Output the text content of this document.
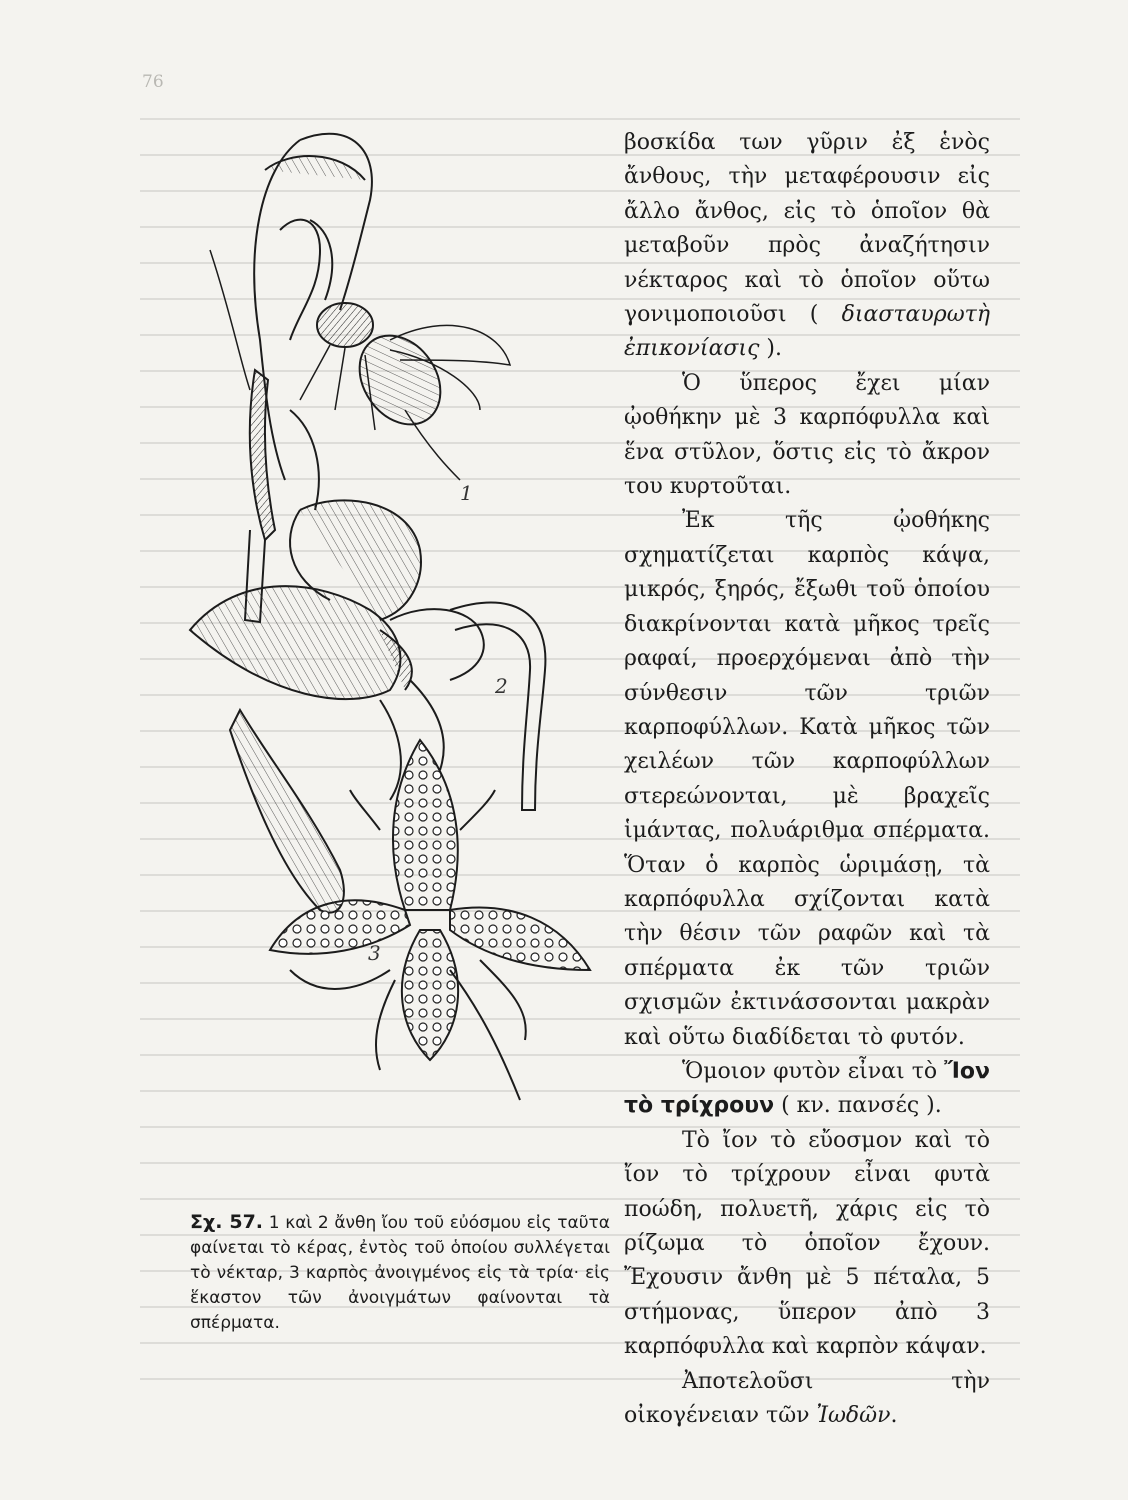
76
1
2
3

βοσκίδα των γῦριν ἐξ ἑνὸς ἄνθους, τὴν μεταφέρουσιν εἰς ἄλλο ἄνθος, εἰς τὸ ὁποῖον θὰ μεταβοῦν πρὸς ἀναζήτησιν νέκταρος καὶ τὸ ὁποῖον οὕτω γονιμοποιοῦσι ( διασταυρωτὴ ἐπικονίασις ).

Ὁ ὕπερος ἔχει μίαν ᾠοθήκην μὲ 3 καρπόφυλλα καὶ ἕνα στῦλον, ὅστις εἰς τὸ ἄκρον του κυρτοῦται.

Ἐκ τῆς ᾠοθήκης σχηματίζεται καρπὸς κάψα, μικρός, ξηρός, ἔξωθι τοῦ ὁποίου διακρίνονται κατὰ μῆκος τρεῖς ραφαί, προερχόμεναι ἀπὸ τὴν σύνθεσιν τῶν τριῶν καρποφύλλων. Κατὰ μῆκος τῶν χειλέων τῶν καρποφύλλων στερεώνονται, μὲ βραχεῖς ἱμάντας, πολυάριθμα σπέρματα. Ὅταν ὁ καρπὸς ὡριμάσῃ, τὰ καρπόφυλλα σχίζονται κατὰ τὴν θέσιν τῶν ραφῶν καὶ τὰ σπέρματα ἐκ τῶν τριῶν σχισμῶν ἐκτινάσσονται μακρὰν καὶ οὕτω διαδίδεται τὸ φυτόν.

Ὅμοιον φυτὸν εἶναι τὸ Ἴον τὸ τρίχρουν ( κν. πανσές ).

Τὸ ἴον τὸ εὔοσμον καὶ τὸ ἴον τὸ τρίχρουν εἶναι φυτὰ ποώδη, πολυετῆ, χάρις εἰς τὸ ρίζωμα τὸ ὁποῖον ἔχουν. Ἔχουσιν ἄνθη μὲ 5 πέταλα, 5 στήμονας, ὕπερον ἀπὸ 3 καρπόφυλλα καὶ καρπὸν κάψαν.

Ἀποτελοῦσι τὴν οἰκογένειαν τῶν Ἰωδῶν.

Σχ. 57. 1 καὶ 2 ἄνθη ἴου τοῦ εὐόσμου εἰς ταῦτα φαίνεται τὸ κέρας, ἐντὸς τοῦ ὁποίου συλλέγεται τὸ νέκταρ, 3 καρπὸς ἀνοιγμένος εἰς τὰ τρία· εἰς ἕκαστον τῶν ἀνοιγμάτων φαίνονται τὰ σπέρματα.
